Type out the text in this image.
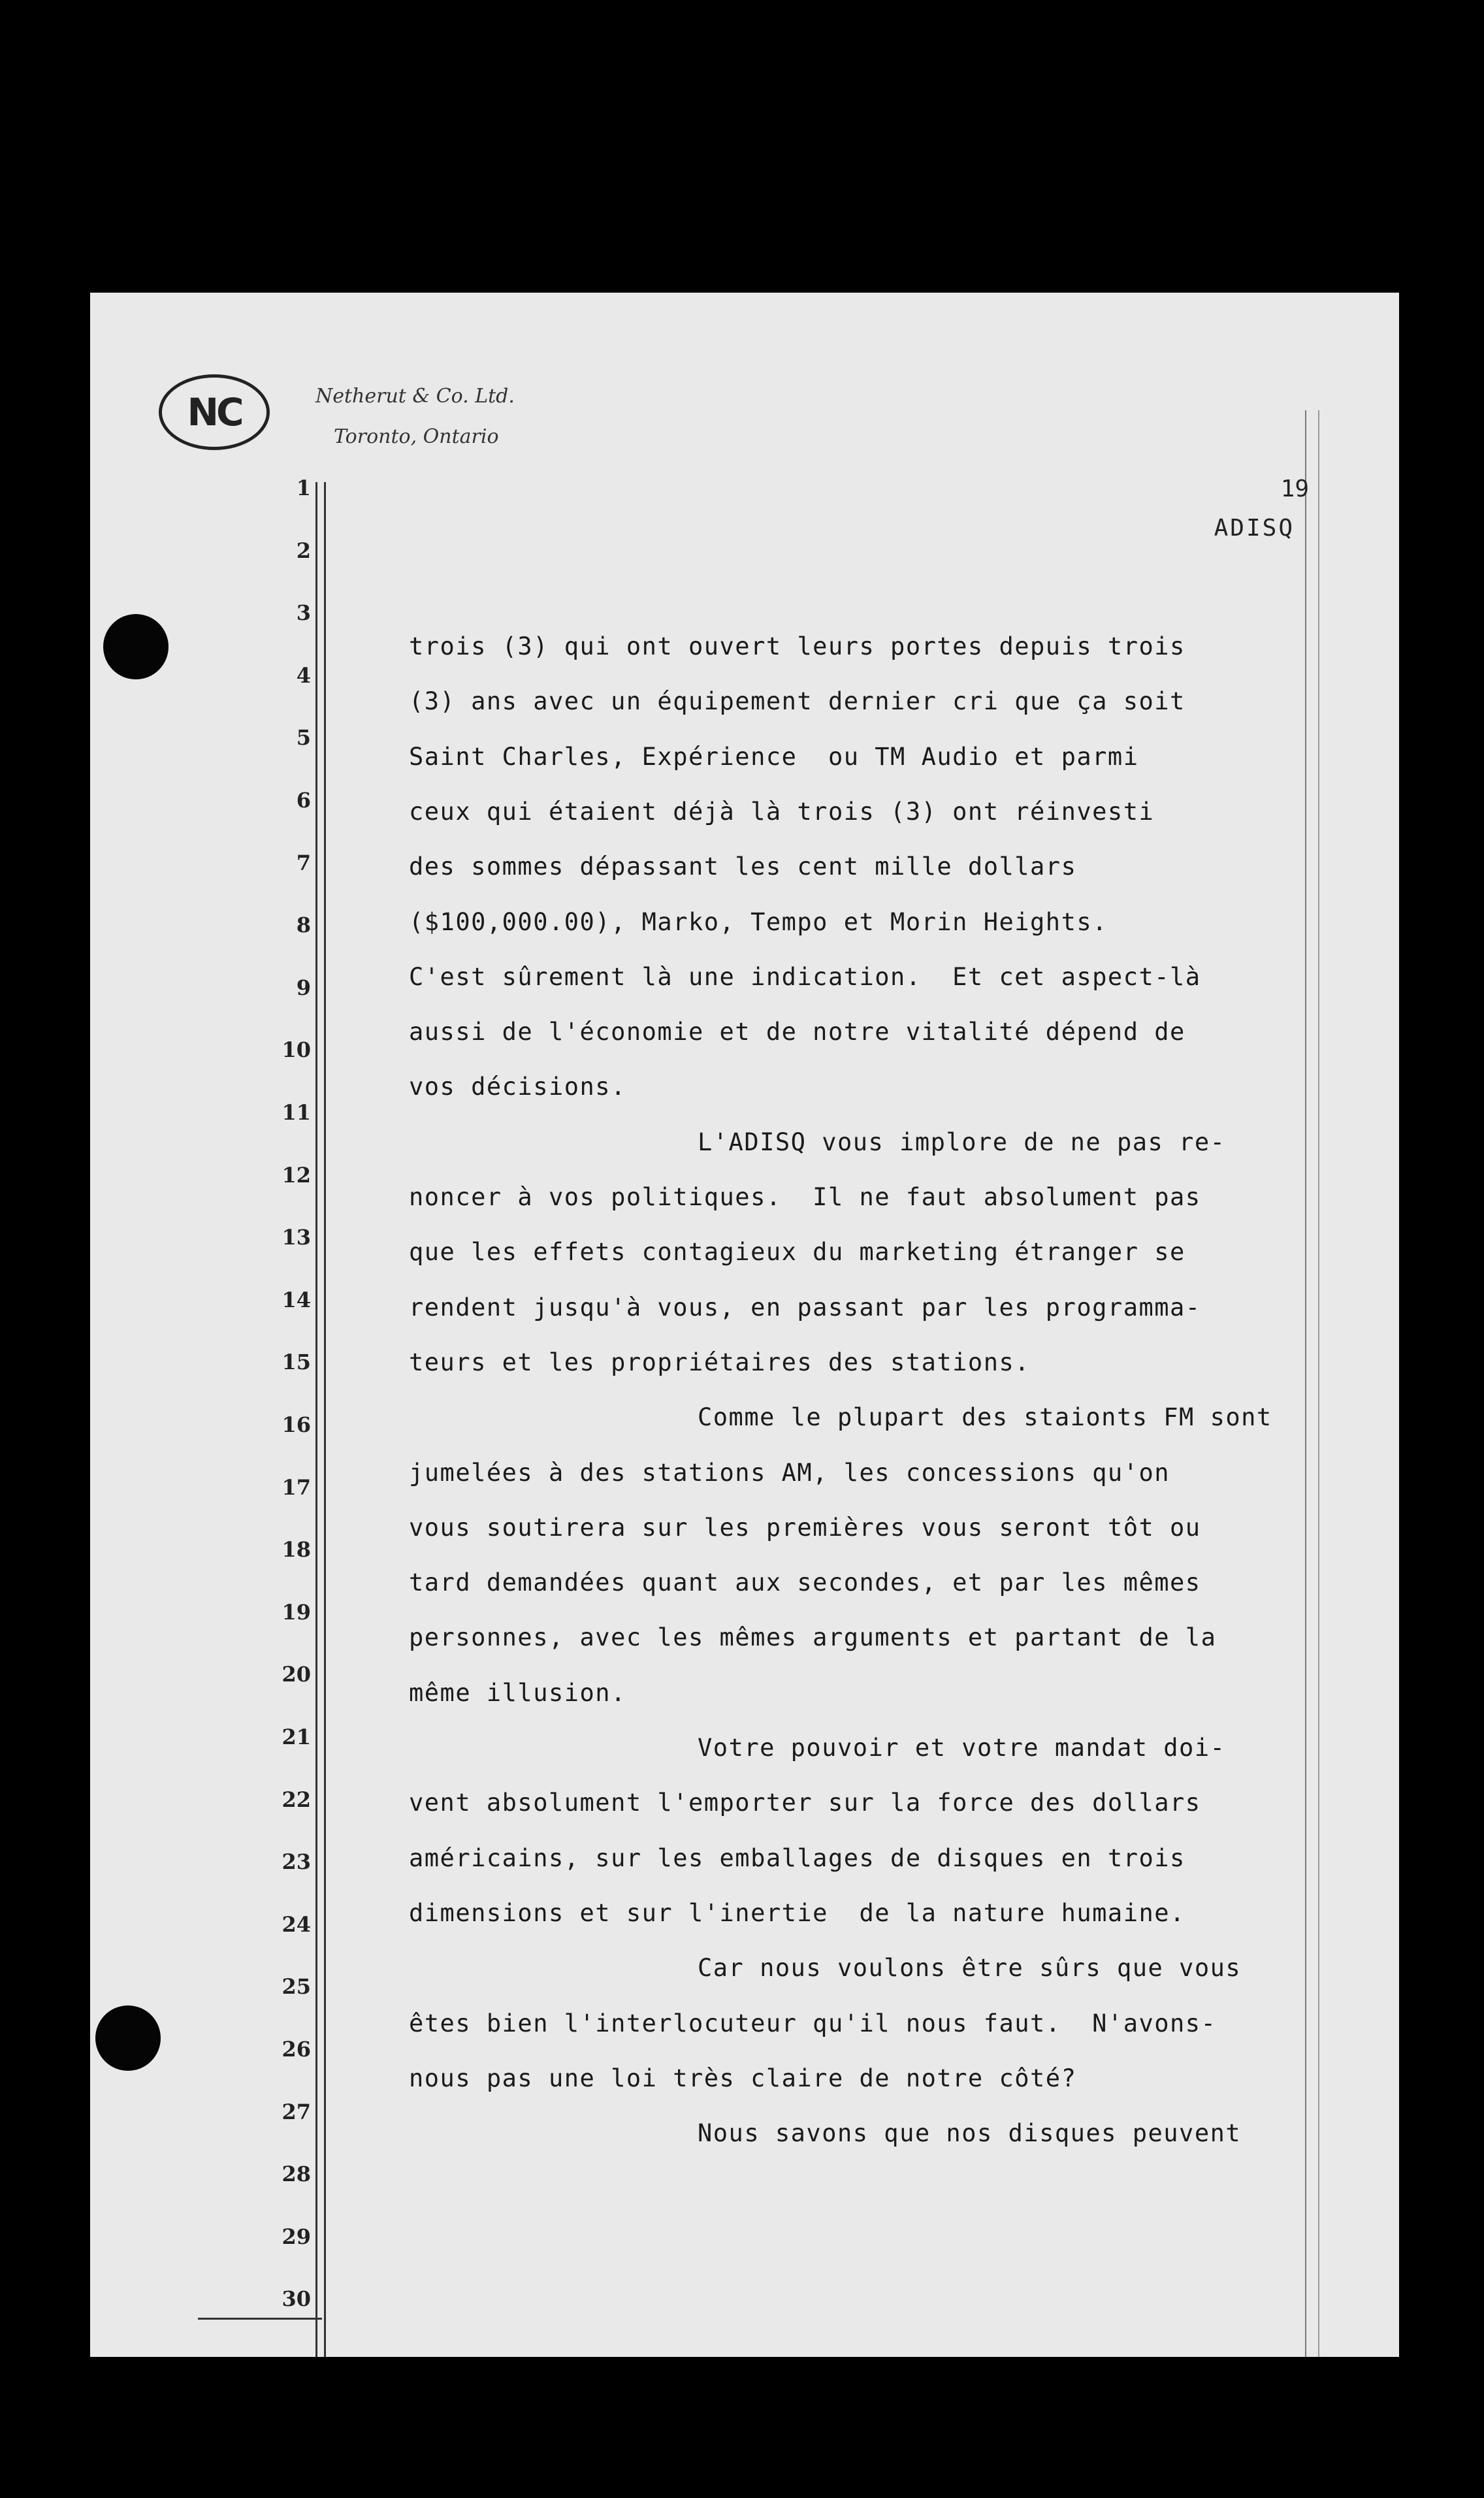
NC	Netherut & Co. Ltd.
Toronto, Ontario
19
ADISQ
1
2
3
4
5
6
7
8
9
10
11
12
13
14
15
16
17
18
19
20
21
22
23
24
25
26
27
28
29
30
trois (3) qui ont ouvert leurs portes depuis trois
(3) ans avec un équipement dernier cri que ça soit
Saint Charles, Expérience  ou TM Audio et parmi
ceux qui étaient déjà là trois (3) ont réinvesti
des sommes dépassant les cent mille dollars
($100,000.00), Marko, Tempo et Morin Heights.
C'est sûrement là une indication.  Et cet aspect-là
aussi de l'économie et de notre vitalité dépend de
vos décisions.
L'ADISQ vous implore de ne pas re-
noncer à vos politiques.  Il ne faut absolument pas
que les effets contagieux du marketing étranger se
rendent jusqu'à vous, en passant par les programma-
teurs et les propriétaires des stations.
Comme le plupart des staionts FM sont
jumelées à des stations AM, les concessions qu'on
vous soutirera sur les premières vous seront tôt ou
tard demandées quant aux secondes, et par les mêmes
personnes, avec les mêmes arguments et partant de la
même illusion.
Votre pouvoir et votre mandat doi-
vent absolument l'emporter sur la force des dollars
américains, sur les emballages de disques en trois
dimensions et sur l'inertie  de la nature humaine.
Car nous voulons être sûrs que vous
êtes bien l'interlocuteur qu'il nous faut.  N'avons-
nous pas une loi très claire de notre côté?
Nous savons que nos disques peuvent
